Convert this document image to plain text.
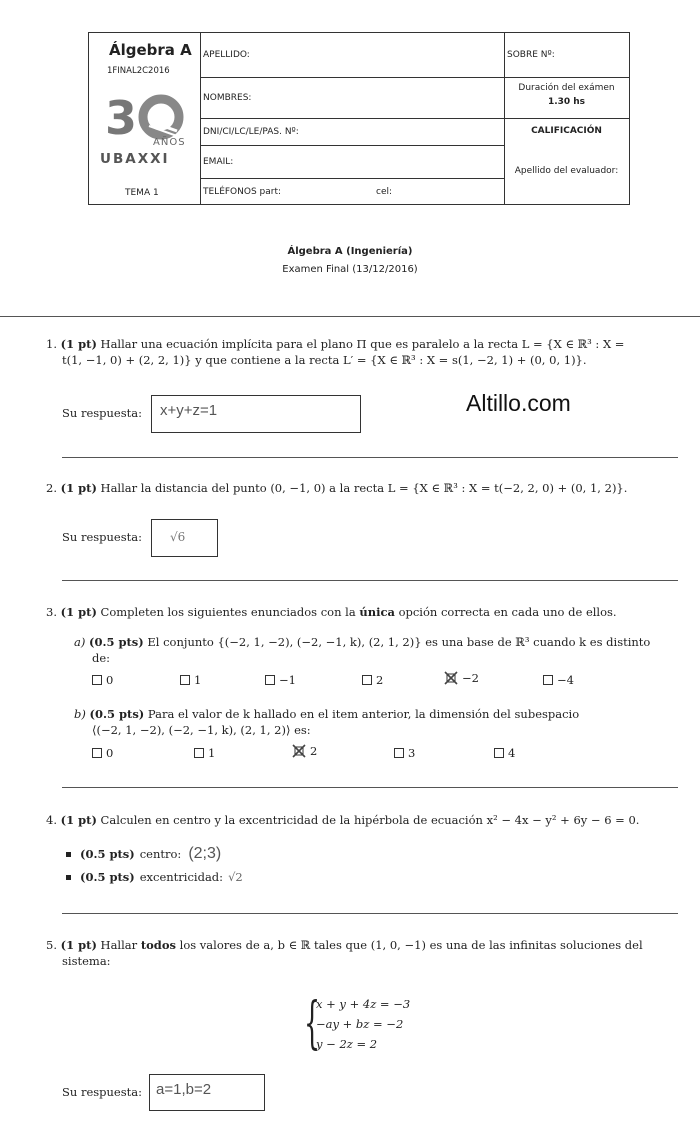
Álgebra A
1FINAL2C2016
3 AÑOS
UBAXXI
TEMA 1
APELLIDO:
NOMBRES:
DNI/CI/LC/LE/PAS. Nº:
EMAIL:
TELÉFONOS part:	cel:
SOBRE Nº:
Duración del exámen
1.30 hs
CALIFICACIÓN
Apellido del evaluador:
Álgebra A (Ingeniería)
Examen Final (13/12/2016)
1. (1 pt) Hallar una ecuación implícita para el plano Π que es paralelo a la recta L = {X ∈ ℝ³ : X =
t(1, −1, 0) + (2, 2, 1)} y que contiene a la recta L′ = {X ∈ ℝ³ : X = s(1, −2, 1) + (0, 0, 1)}.
Su respuesta: x+y+z=1	Altillo.com
2. (1 pt) Hallar la distancia del punto (0, −1, 0) a la recta L = {X ∈ ℝ³ : X = t(−2, 2, 0) + (0, 1, 2)}.
Su respuesta: √6
3. (1 pt) Completen los siguientes enunciados con la única opción correcta en cada uno de ellos.
a) (0.5 pts) El conjunto {(−2, 1, −2), (−2, −1, k), (2, 1, 2)} es una base de ℝ³ cuando k es distinto
de:
0	1	−1	2	−2	−4
b) (0.5 pts) Para el valor de k hallado en el item anterior, la dimensión del subespacio
⟨(−2, 1, −2), (−2, −1, k), (2, 1, 2)⟩ es:
0	1	2	3	4
4. (1 pt) Calculen en centro y la excentricidad de la hipérbola de ecuación x² − 4x − y² + 6y − 6 = 0.
(0.5 pts) centro: (2;3)
(0.5 pts) excentricidad: √2
5. (1 pt) Hallar todos los valores de a, b ∈ ℝ tales que (1, 0, −1) es una de las infinitas soluciones del
sistema:
{
x + y + 4z = −3
−ay + bz = −2
y − 2z = 2
Su respuesta: a=1,b=2
